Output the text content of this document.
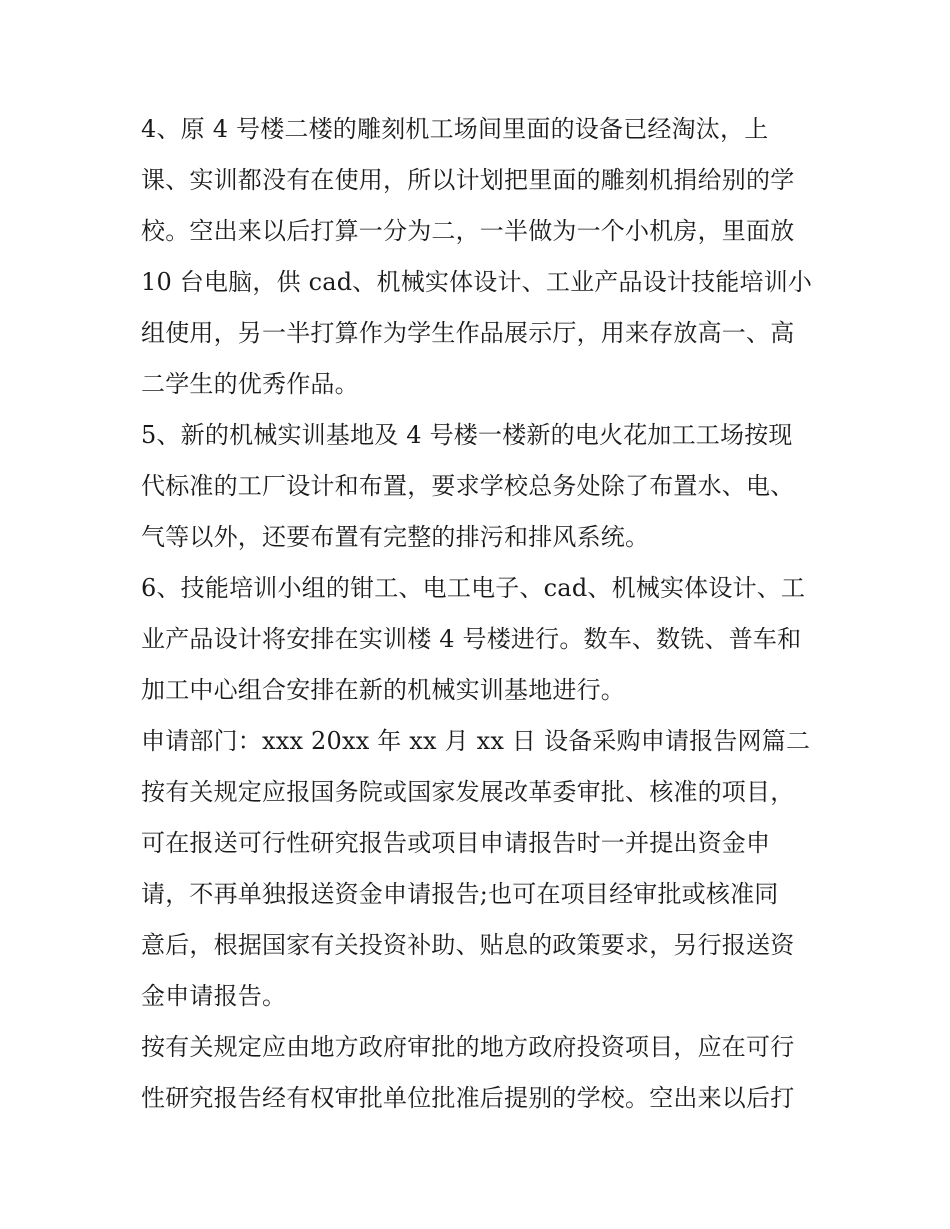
4、原 4 号楼二楼的雕刻机工场间里面的设备已经淘汰，上
课、实训都没有在使用，所以计划把里面的雕刻机捐给别的学
校。空出来以后打算一分为二，一半做为一个小机房，里面放
10 台电脑，供 cad、机械实体设计、工业产品设计技能培训小
组使用，另一半打算作为学生作品展示厅，用来存放高一、高
二学生的优秀作品。
5、新的机械实训基地及 4 号楼一楼新的电火花加工工场按现
代标准的工厂设计和布置，要求学校总务处除了布置水、电、
气等以外，还要布置有完整的排污和排风系统。
6、技能培训小组的钳工、电工电子、cad、机械实体设计、工
业产品设计将安排在实训楼 4 号楼进行。数车、数铣、普车和
加工中心组合安排在新的机械实训基地进行。
申请部门：xxx 20xx 年 xx 月 xx 日 设备采购申请报告网篇二
按有关规定应报国务院或国家发展改革委审批、核准的项目，
可在报送可行性研究报告或项目申请报告时一并提出资金申
请，不再单独报送资金申请报告;也可在项目经审批或核准同
意后，根据国家有关投资补助、贴息的政策要求，另行报送资
金申请报告。
按有关规定应由地方政府审批的地方政府投资项目，应在可行
性研究报告经有权审批单位批准后提别的学校。空出来以后打
